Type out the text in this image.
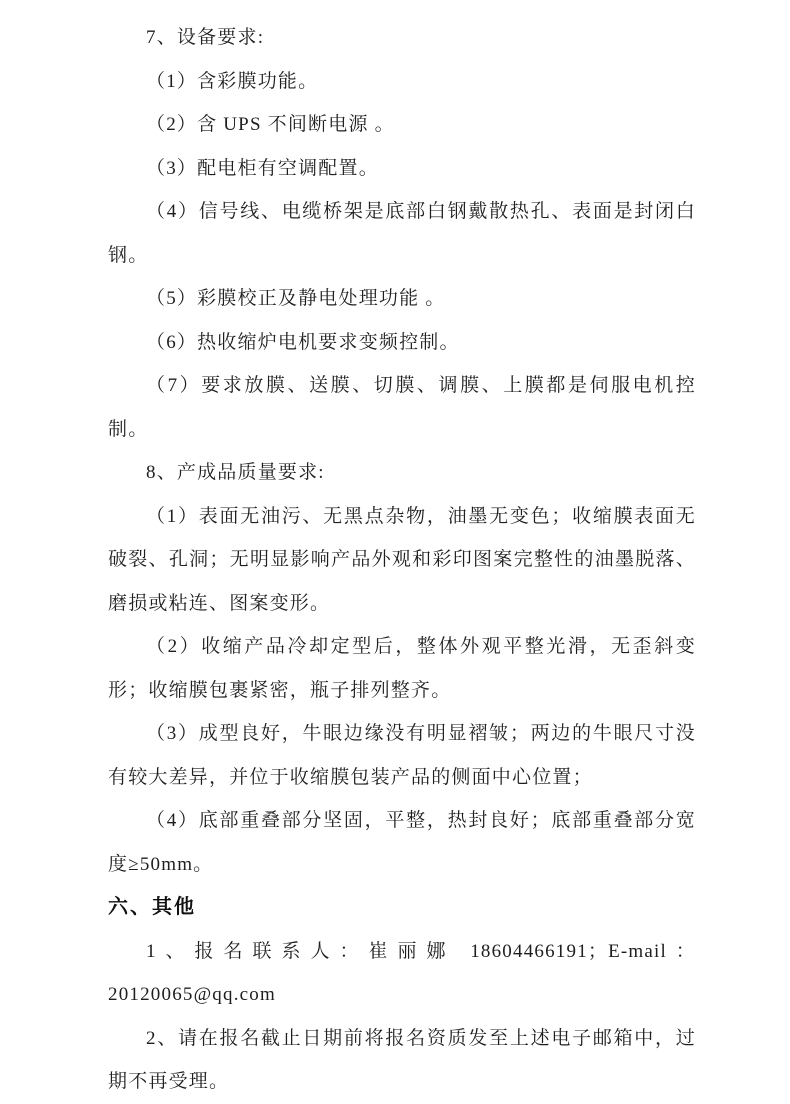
7、设备要求:

（1）含彩膜功能。

（2）含 UPS 不间断电源 。

（3）配电柜有空调配置。

（4）信号线、电缆桥架是底部白钢戴散热孔、表面是封闭白钢。

（5）彩膜校正及静电处理功能 。

（6）热收缩炉电机要求变频控制。

（7）要求放膜、送膜、切膜、调膜、上膜都是伺服电机控制。

8、产成品质量要求:

（1）表面无油污、无黑点杂物，油墨无变色；收缩膜表面无破裂、孔洞；无明显影响产品外观和彩印图案完整性的油墨脱落、磨损或粘连、图案变形。

（2）收缩产品冷却定型后，整体外观平整光滑，无歪斜变形；收缩膜包裹紧密，瓶子排列整齐。

（3）成型良好，牛眼边缘没有明显褶皱；两边的牛眼尺寸没有较大差异，并位于收缩膜包装产品的侧面中心位置；

（4）底部重叠部分坚固，平整，热封良好；底部重叠部分宽度≥50mm。

六、其他

1、报名联系人：崔丽娜 18604466191；E-mail：20120065@qq.com

2、请在报名截止日期前将报名资质发至上述电子邮箱中，过期不再受理。
